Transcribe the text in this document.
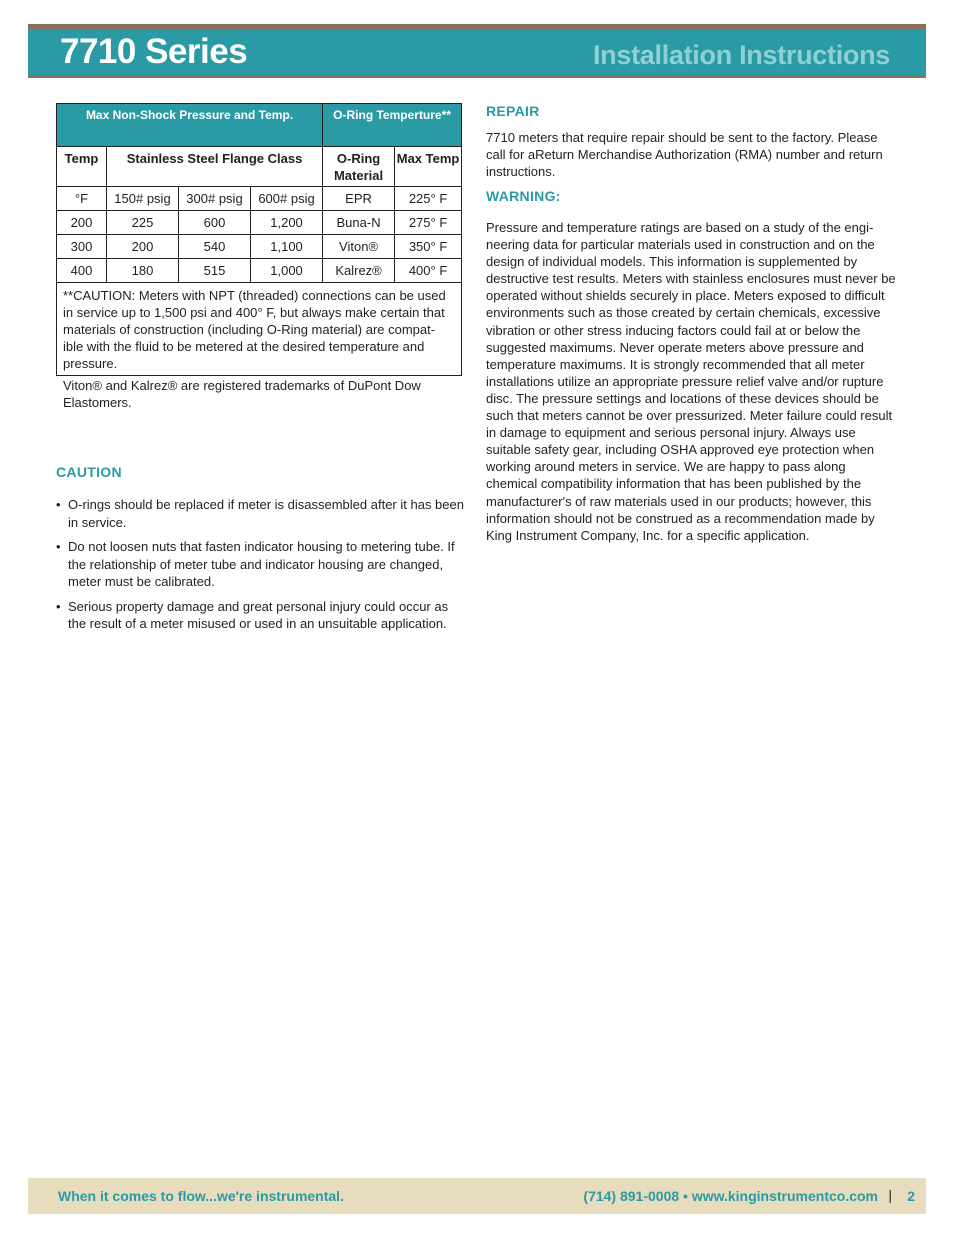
7710 Series	Installation Instructions
Max Non-Shock Pressure and Temp.				O-Ring Temperture**	
Temp	Stainless Steel Flange Class			O-Ring Material	Max Temp
°F	150# psig	300# psig	600# psig	EPR	225° F
200	225	600	1,200	Buna-N	275° F
300	200	540	1,100	Viton®	350° F
400	180	515	1,000	Kalrez®	400° F
**CAUTION: Meters with NPT (threaded) connections can be used in service up to 1,500 psi and 400° F, but always make certain that materials of construction (including O-Ring material) are compat-ible with the fluid to be metered at the desired temperature and pressure.					
Viton® and Kalrez® are registered trademarks of DuPont Dow Elastomers.
CAUTION
• O-rings should be replaced if meter is disassembled after it has been in service.
• Do not loosen nuts that fasten indicator housing to metering tube. If the relationship of meter tube and indicator housing are changed, meter must be calibrated.
• Serious property damage and great personal injury could occur as the result of a meter misused or used in an unsuitable application.
REPAIR
7710 meters that require repair should be sent to the factory. Please call for aReturn Merchandise Authorization (RMA) number and return instructions.
WARNING:
Pressure and temperature ratings are based on a study of the engi-neering data for particular materials used in construction and on the design of individual models. This information is supplemented by destructive test results. Meters with stainless enclosures must never be operated without shields securely in place. Meters exposed to difficult environments such as those created by certain chemicals, excessive vibration or other stress inducing factors could fail at or below the suggested maximums. Never operate meters above pressure and temperature maximums. It is strongly recommended that all meter installations utilize an appropriate pressure relief valve and/or rupture disc. The pressure settings and locations of these devices should be such that meters cannot be over pressurized. Meter failure could result in damage to equipment and serious personal injury. Always use suitable safety gear, including OSHA approved eye protection when working around meters in service. We are happy to pass along chemical compatibility information that has been published by the manufacturer's of raw materials used in our products; however, this information should not be construed as a recommendation made by King Instrument Company, Inc. for a specific application.
When it comes to flow...we're instrumental.	(714) 891-0008 • www.kinginstrumentco.com | 2
